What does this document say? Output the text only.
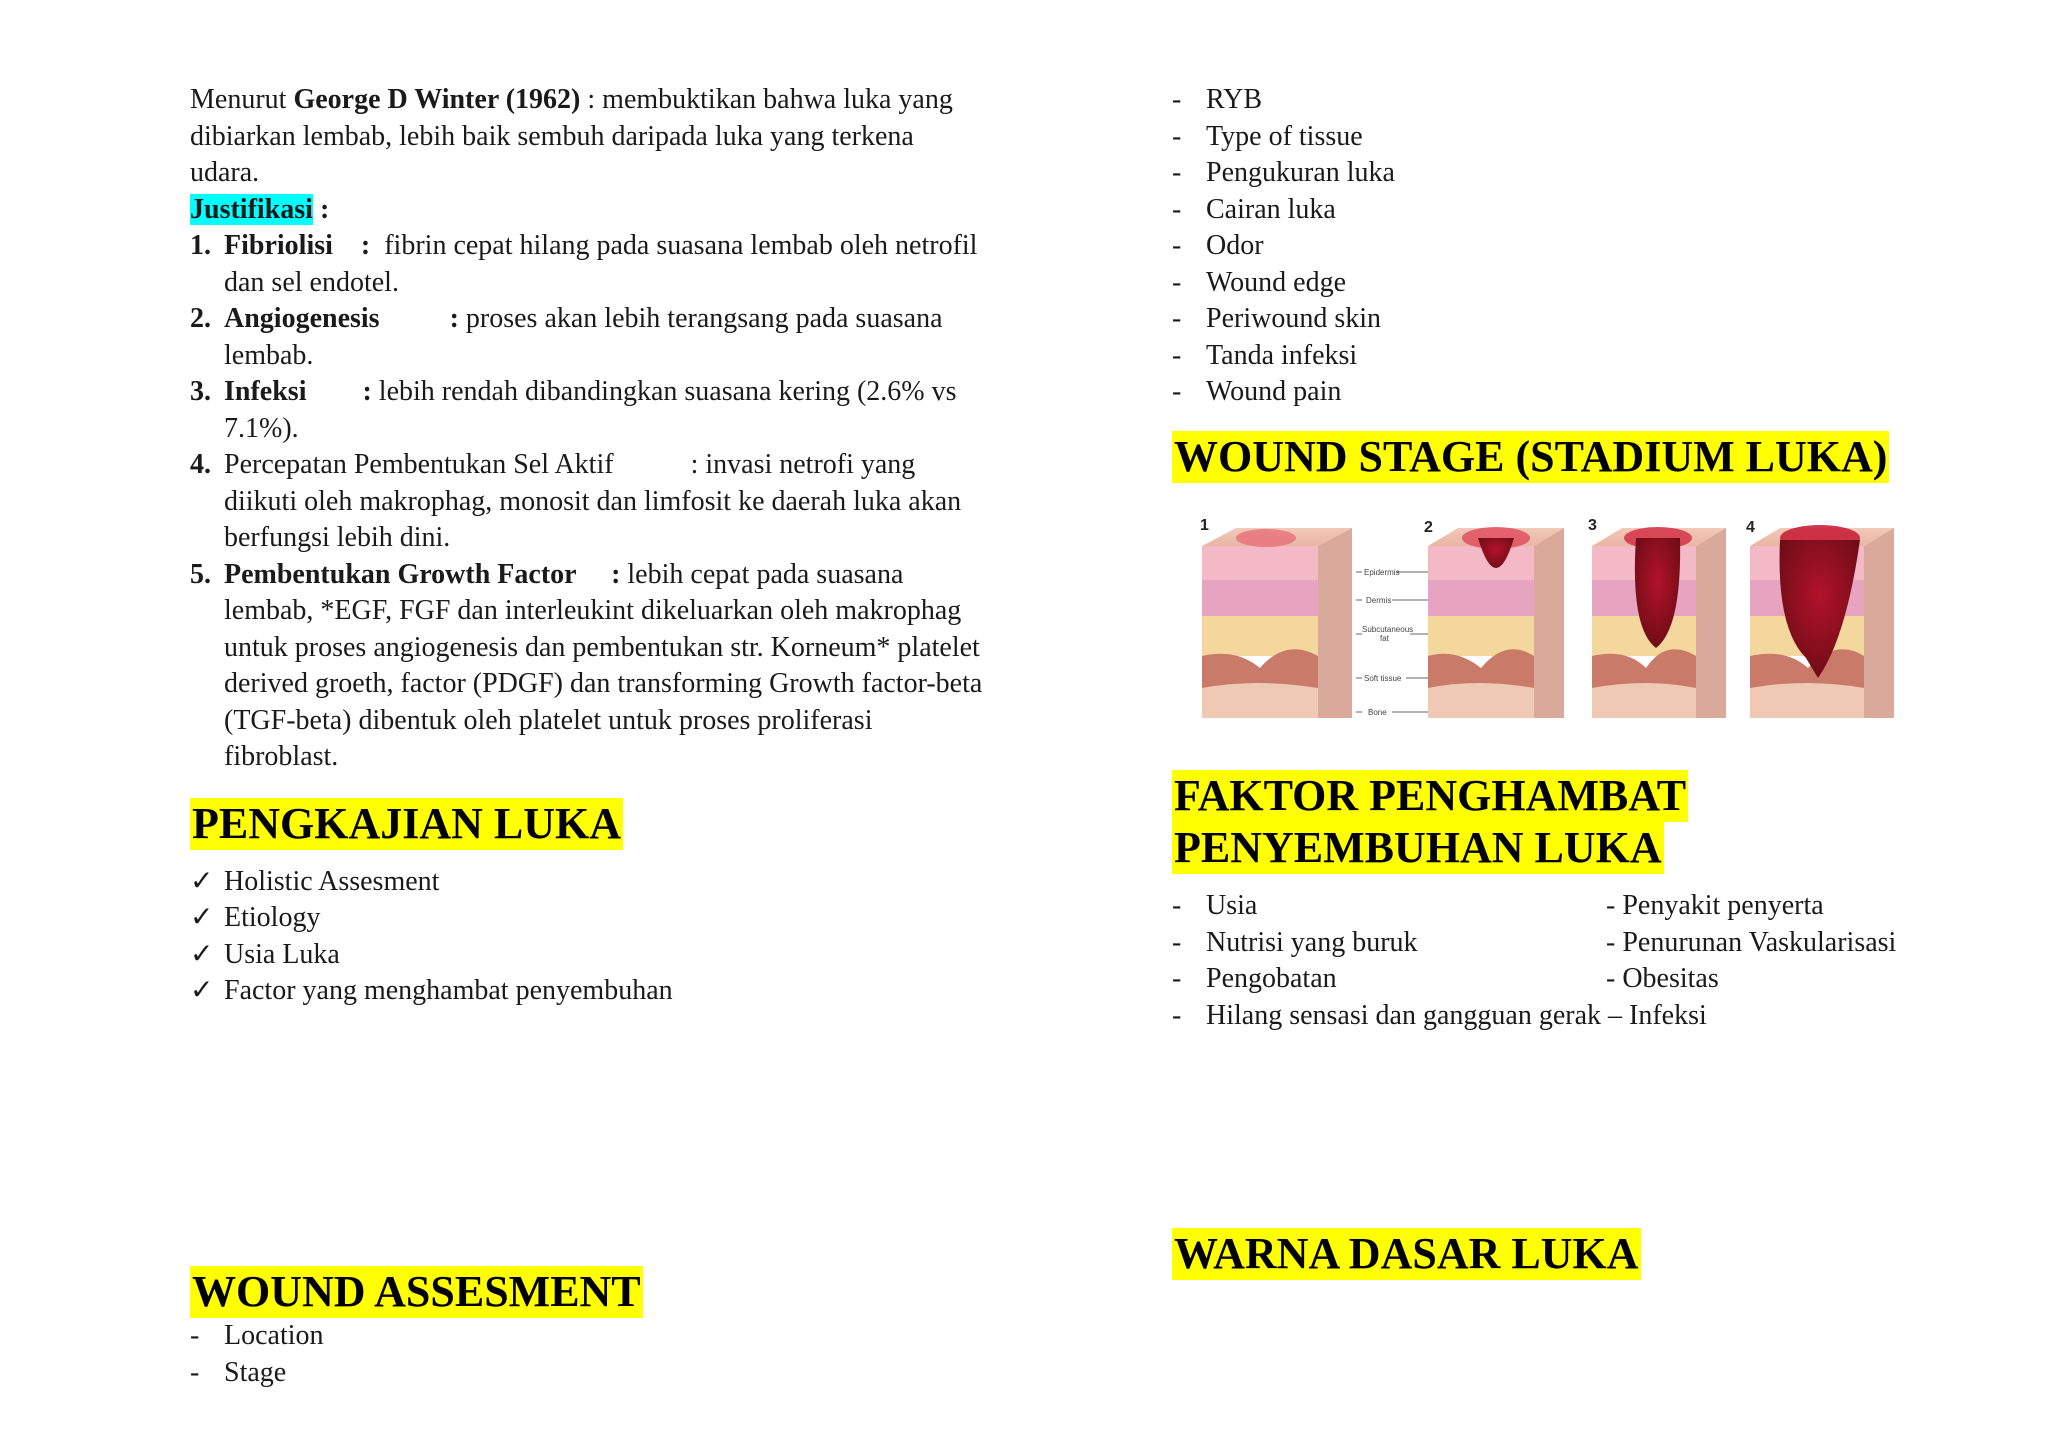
Menurut George D Winter (1962) : membuktikan bahwa luka yang dibiarkan lembab, lebih baik sembuh daripada luka yang terkena udara.

Justifikasi :

1. Fibriolisi    :  fibrin cepat hilang pada suasana lembab oleh netrofil dan sel endotel.
2. Angiogenesis          : proses akan lebih terangsang pada suasana lembab.
3. Infeksi        : lebih rendah dibandingkan suasana kering (2.6% vs 7.1%).
4. Percepatan Pembentukan Sel Aktif           : invasi netrofi yang diikuti oleh makrophag, monosit dan limfosit ke daerah luka akan berfungsi lebih dini.
5. Pembentukan Growth Factor     : lebih cepat pada suasana lembab, *EGF, FGF dan interleukint dikeluarkan oleh makrophag untuk proses angiogenesis dan pembentukan str. Korneum* platelet derived groeth, factor (PDGF) dan transforming Growth factor-beta (TGF-beta) dibentuk oleh platelet untuk proses proliferasi fibroblast.
PENGKAJIAN LUKA
✓ Holistic Assesment
✓ Etiology
✓ Usia Luka
✓ Factor yang menghambat penyembuhan
WOUND ASSESMENT
- Location
- Stage
- RYB
- Type of tissue
- Pengukuran luka
- Cairan luka
- Odor
- Wound edge
- Periwound skin
- Tanda infeksi
- Wound pain
WOUND STAGE (STADIUM LUKA)
1	2	3	4
Epidermis
Dermis
Subcutaneous
fat
Soft tissue
Bone
FAKTOR PENGHAMBAT
PENYEMBUHAN LUKA
- Usia	- Penyakit penyerta
- Nutrisi yang buruk	- Penurunan Vaskularisasi
- Pengobatan	- Obesitas
- Hilang sensasi dan gangguan gerak – Infeksi
WARNA DASAR LUKA
